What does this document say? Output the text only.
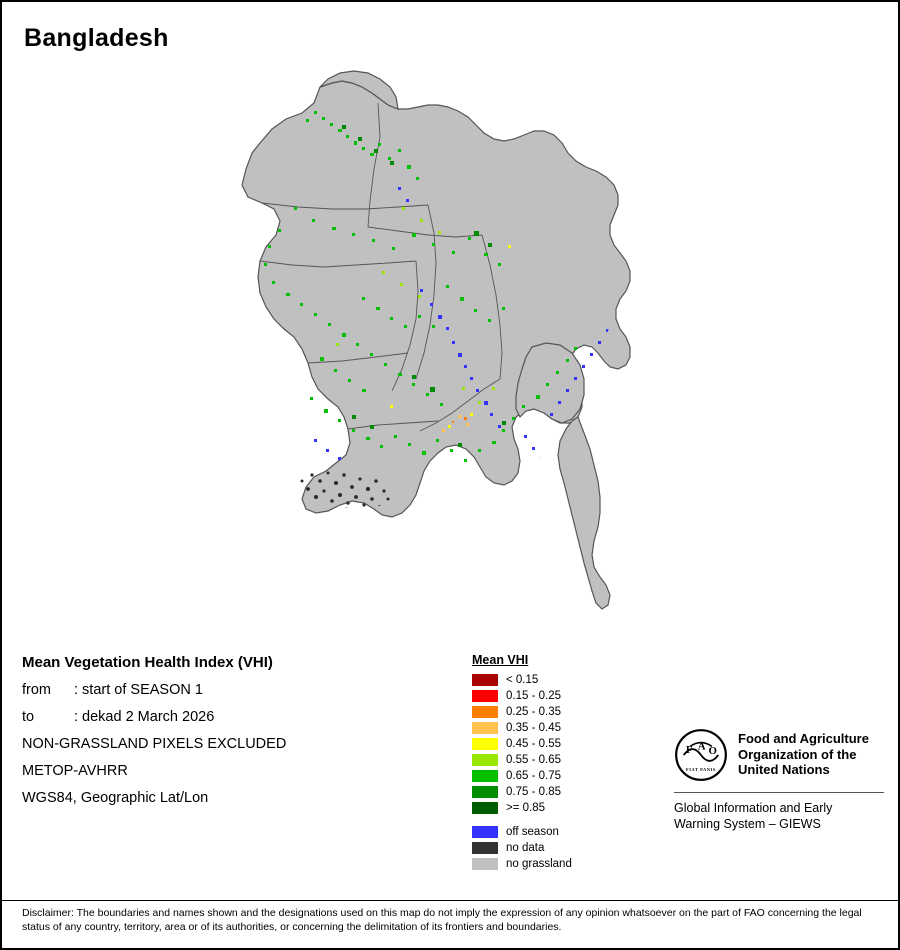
Bangladesh
Mean Vegetation Health Index (VHI)
from : start of SEASON 1
to	: dekad 2 March 2026
NON-GRASSLAND PIXELS EXCLUDED
METOP-AVHRR
WGS84, Geographic Lat/Lon
Mean VHI
< 0.15
0.15 - 0.25
0.25 - 0.35
0.35 - 0.45
0.45 - 0.55
0.55 - 0.65
0.65 - 0.75
0.75 - 0.85
>= 0.85
off season
no data
no grassland
F A O
FIAT PANIS
Food and Agriculture
Organization of the
United Nations
Global Information and Early
Warning System – GIEWS
Disclaimer: The boundaries and names shown and the designations used on this map do not imply the expression of any opinion whatsoever on the part of FAO concerning the legal status of any country, territory, area or of its authorities, or concerning the delimitation of its frontiers and boundaries.
